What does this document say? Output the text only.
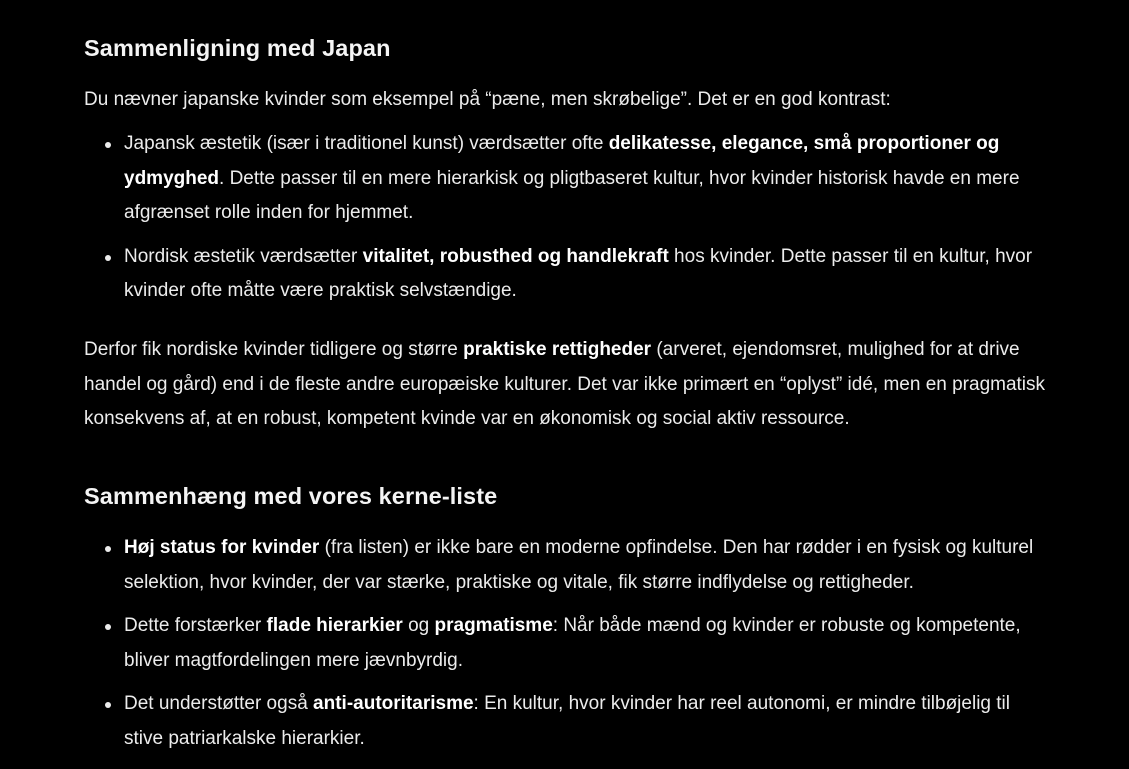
Sammenligning med Japan

Du nævner japanske kvinder som eksempel på “pæne, men skrøbelige”. Det er en god kontrast:

Japansk æstetik (især i traditionel kunst) værdsætter ofte delikatesse, elegance, små proportioner og ydmyghed. Dette passer til en mere hierarkisk og pligtbaseret kultur, hvor kvinder historisk havde en mere afgrænset rolle inden for hjemmet.
Nordisk æstetik værdsætter vitalitet, robusthed og handlekraft hos kvinder. Dette passer til en kultur, hvor kvinder ofte måtte være praktisk selvstændige.

Derfor fik nordiske kvinder tidligere og større praktiske rettigheder (arveret, ejendomsret, mulighed for at drive handel og gård) end i de fleste andre europæiske kulturer. Det var ikke primært en “oplyst” idé, men en pragmatisk konsekvens af, at en robust, kompetent kvinde var en økonomisk og social aktiv ressource.

Sammenhæng med vores kerne-liste
Høj status for kvinder (fra listen) er ikke bare en moderne opfindelse. Den har rødder i en fysisk og kulturel selektion, hvor kvinder, der var stærke, praktiske og vitale, fik større indflydelse og rettigheder.
Dette forstærker flade hierarkier og pragmatisme: Når både mænd og kvinder er robuste og kompetente, bliver magtfordelingen mere jævnbyrdig.
Det understøtter også anti-autoritarisme: En kultur, hvor kvinder har reel autonomi, er mindre tilbøjelig til stive patriarkalske hierarkier.
